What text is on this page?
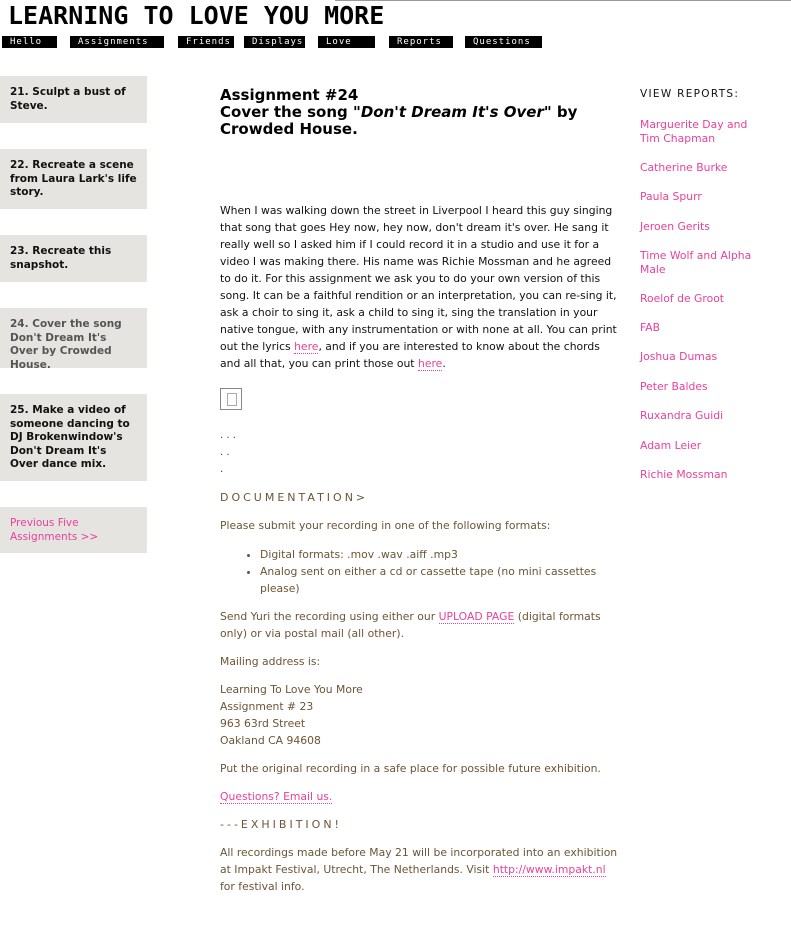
LEARNING TO LOVE YOU MORE
Hello	Assignments	Friends	Displays	Love	Reports	Questions
21. Sculpt a bust of Steve.
22. Recreate a scene from Laura Lark's life story.
23. Recreate this snapshot.
24. Cover the song Don't Dream It's Over by Crowded House.
25. Make a video of someone dancing to DJ Brokenwindow's Don't Dream It's Over dance mix.
Previous Five Assignments >>
Assignment #24
Cover the song "Don't Dream It's Over" by Crowded House.

When I was walking down the street in Liverpool I heard this guy singing that song that goes Hey now, hey now, don't dream it's over. He sang it really well so I asked him if I could record it in a studio and use it for a video I was making there. His name was Richie Mossman and he agreed to do it. For this assignment we ask you to do your own version of this song. It can be a faithful rendition or an interpretation, you can re-sing it, ask a choir to sing it, ask a child to sing it, sing the translation in your native tongue, with any instrumentation or with none at all. You can print out the lyrics here, and if you are interested to know about the chords and all that, you can print those out here.

. . .
. .
.
DOCUMENTATION>

Please submit your recording in one of the following formats:

• Digital formats: .mov .wav .aiff .mp3
• Analog sent on either a cd or cassette tape (no mini cassettes please)

Send Yuri the recording using either our UPLOAD PAGE (digital formats only) or via postal mail (all other).

Mailing address is:

Learning To Love You More
Assignment # 23
963 63rd Street
Oakland CA 94608

Put the original recording in a safe place for possible future exhibition.

Questions? Email us.

---EXHIBITION!

All recordings made before May 21 will be incorporated into an exhibition at Impakt Festival, Utrecht, The Netherlands. Visit http://www.impakt.nl for festival info.

VIEW REPORTS:
Marguerite Day and Tim Chapman
Catherine Burke
Paula Spurr
Jeroen Gerits
Time Wolf and Alpha Male
Roelof de Groot
FAB
Joshua Dumas
Peter Baldes
Ruxandra Guidi
Adam Leier
Richie Mossman
